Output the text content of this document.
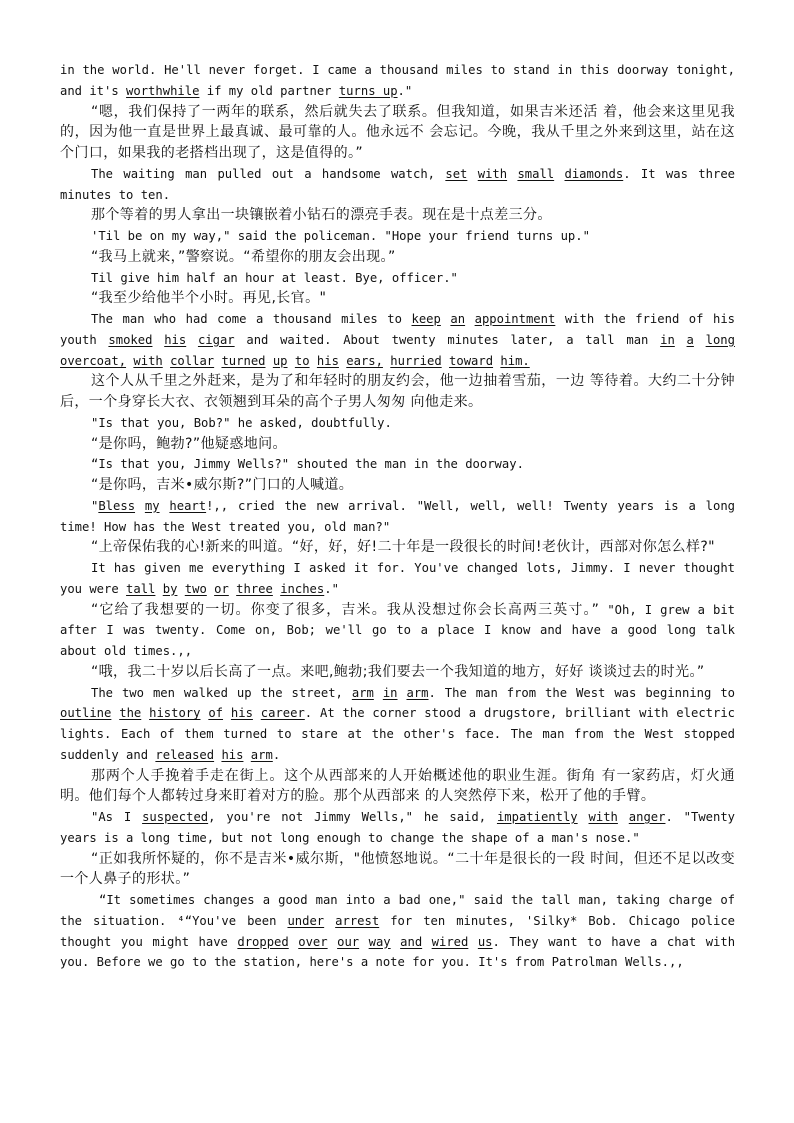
in the world. He'll never forget. I came a thousand miles to stand in this doorway tonight, and it's worthwhile if my old partner turns up."

“嗯，我们保持了一两年的联系，然后就失去了联系。但我知道，如果吉米还活 着，他会来这里见我的，因为他一直是世界上最真诚、最可靠的人。他永远不 会忘记。今晚，我从千里之外来到这里，站在这个门口，如果我的老搭档出现了，这是值得的。”

The waiting man pulled out a handsome watch, set with small diamonds. It was three minutes to ten.

那个等着的男人拿出一块镶嵌着小钻石的漂亮手表。现在是十点差三分。

'Til be on my way," said the policeman. "Hope your friend turns up."

“我马上就来，”警察说。“希望你的朋友会出现。”

Til give him half an hour at least. Bye, officer."

“我至少给他半个小时。再见,长官。"

The man who had come a thousand miles to keep an appointment with the friend of his youth smoked his cigar and waited. About twenty minutes later, a tall man in a long overcoat, with collar turned up to his ears, hurried toward him.

这个人从千里之外赶来，是为了和年轻时的朋友约会，他一边抽着雪茄，一边 等待着。大约二十分钟后，一个身穿长大衣、衣领翘到耳朵的高个子男人匆匆 向他走来。

"Is that you, Bob?" he asked, doubtfully.

“是你吗，鲍勃?”他疑惑地问。

“Is that you, Jimmy Wells?" shouted the man in the doorway.

“是你吗，吉米•威尔斯?”门口的人喊道。

"Bless my heart!,, cried the new arrival. "Well, well, well! Twenty years is a long time! How has the West treated you, old man?"

“上帝保佑我的心!新来的叫道。“好，好，好!二十年是一段很长的时间!老伙计，西部对你怎么样?"

It has given me everything I asked it for. You've changed lots, Jimmy. I never thought you were tall by two or three inches."

“它给了我想要的一切。你变了很多，吉米。我从没想过你会长高两三英寸。” "Oh, I grew a bit after I was twenty. Come on, Bob; we'll go to a place I know and have a good long talk about old times.,,

“哦，我二十岁以后长高了一点。来吧,鲍勃;我们要去一个我知道的地方，好好 谈谈过去的时光。”

The two men walked up the street, arm in arm. The man from the West was beginning to outline the history of his career. At the corner stood a drugstore, brilliant with electric lights. Each of them turned to stare at the other's face. The man from the West stopped suddenly and released his arm.

那两个人手挽着手走在街上。这个从西部来的人开始概述他的职业生涯。街角 有一家药店，灯火通明。他们每个人都转过身来盯着对方的脸。那个从西部来 的人突然停下来，松开了他的手臂。

"As I suspected, you're not Jimmy Wells," he said, impatiently with anger. "Twenty years is a long time, but not long enough to change the shape of a man's nose."

“正如我所怀疑的，你不是吉米•威尔斯，"他愤怒地说。“二十年是很长的一段 时间，但还不足以改变一个人鼻子的形状。”

“It sometimes changes a good man into a bad one," said the tall man, taking charge of the situation. ⁴“You've been under arrest for ten minutes, 'Silky* Bob. Chicago police thought you might have dropped over our way and wired us. They want to have a chat with you. Before we go to the station, here's a note for you. It's from Patrolman Wells.,,
